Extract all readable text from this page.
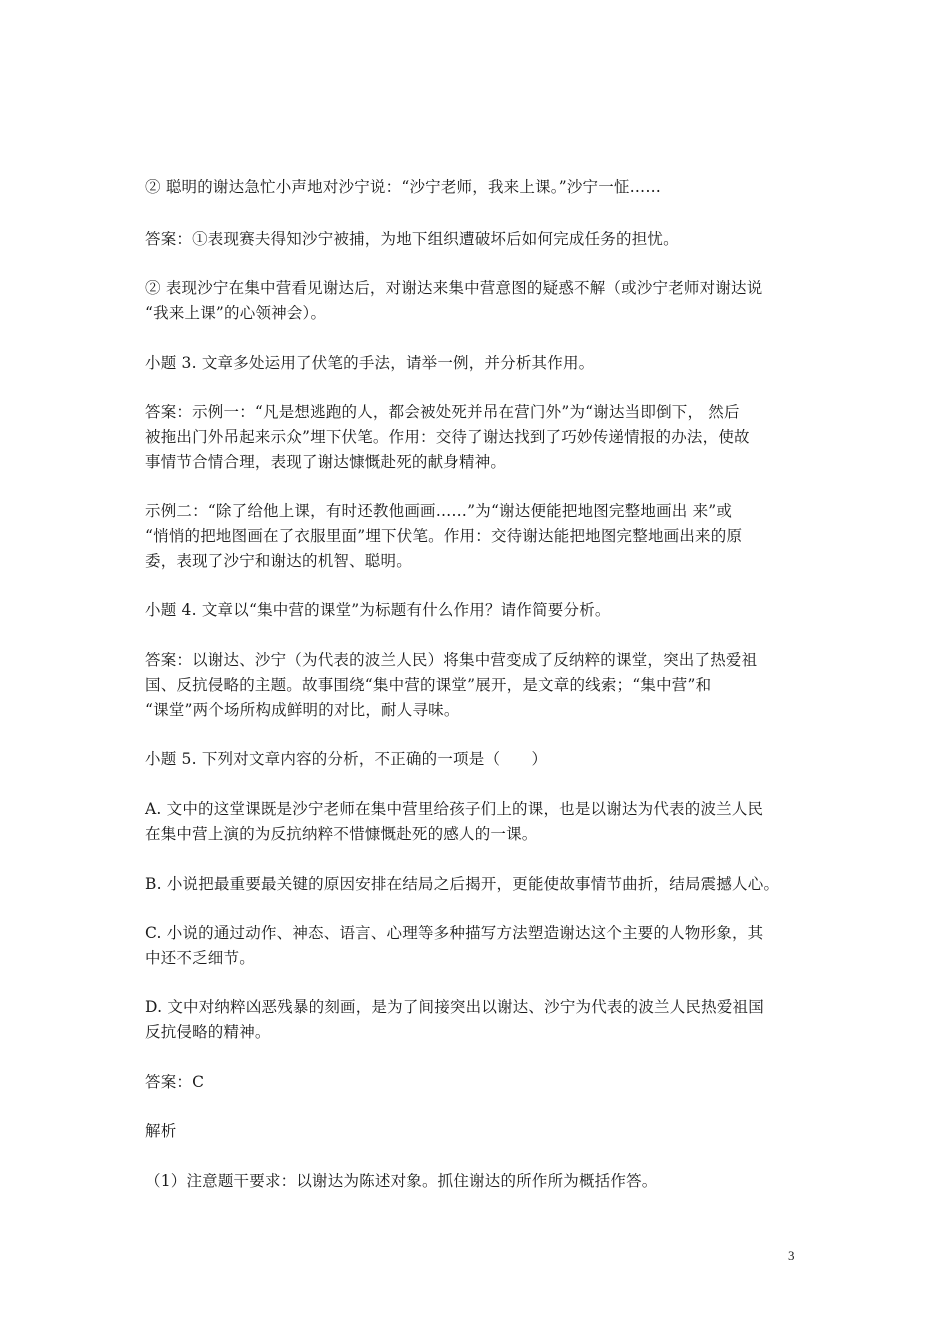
② 聪明的谢达急忙小声地对沙宁说：“沙宁老师，我来上课。”沙宁一怔……

答案：①表现赛夫得知沙宁被捕，为地下组织遭破坏后如何完成任务的担忧。

② 表现沙宁在集中营看见谢达后，对谢达来集中营意图的疑惑不解（或沙宁老师对谢达说
“我来上课”的心领神会）。

小题 3. 文章多处运用了伏笔的手法，请举一例，并分析其作用。

答案：示例一：“凡是想逃跑的人，都会被处死并吊在营门外”为“谢达当即倒下， 然后
被拖出门外吊起来示众”埋下伏笔。作用：交待了谢达找到了巧妙传递情报的办法，使故
事情节合情合理，表现了谢达慷慨赴死的献身精神。

示例二：“除了给他上课，有时还教他画画……”为“谢达便能把地图完整地画出 来”或
“悄悄的把地图画在了衣服里面”埋下伏笔。作用：交待谢达能把地图完整地画出来的原
委，表现了沙宁和谢达的机智、聪明。

小题 4. 文章以“集中营的课堂”为标题有什么作用？请作简要分析。

答案：以谢达、沙宁（为代表的波兰人民）将集中营变成了反纳粹的课堂，突出了热爱祖
国、反抗侵略的主题。故事围绕“集中营的课堂”展开，是文章的线索；“集中营”和
“课堂”两个场所构成鲜明的对比，耐人寻味。

小题 5. 下列对文章内容的分析，不正确的一项是（　　）

A. 文中的这堂课既是沙宁老师在集中营里给孩子们上的课，也是以谢达为代表的波兰人民
在集中营上演的为反抗纳粹不惜慷慨赴死的感人的一课。

B. 小说把最重要最关键的原因安排在结局之后揭开，更能使故事情节曲折，结局震撼人心。

C. 小说的通过动作、神态、语言、心理等多种描写方法塑造谢达这个主要的人物形象，其
中还不乏细节。

D. 文中对纳粹凶恶残暴的刻画，是为了间接突出以谢达、沙宁为代表的波兰人民热爱祖国
反抗侵略的精神。

答案：C

解析

（1）注意题干要求：以谢达为陈述对象。抓住谢达的所作所为概括作答。

3
